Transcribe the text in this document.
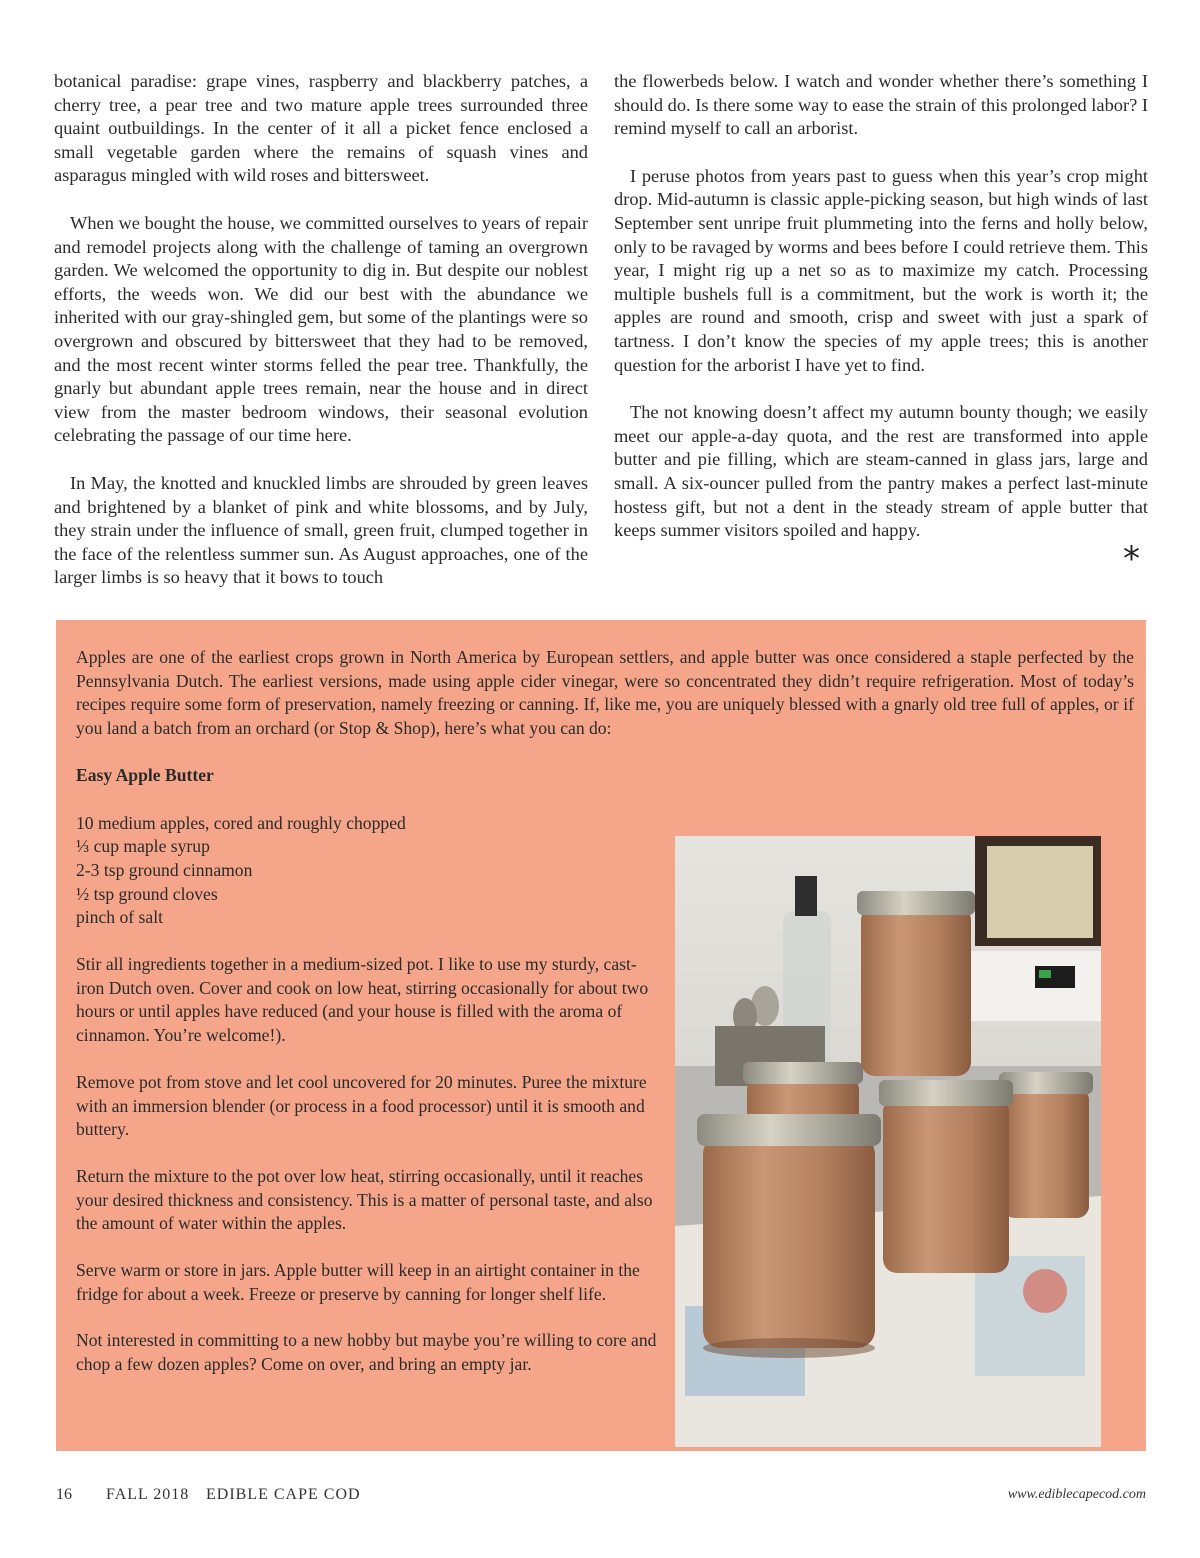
botanical paradise: grape vines, raspberry and blackberry patches, a cherry tree, a pear tree and two mature apple trees surrounded three quaint outbuildings. In the center of it all a picket fence enclosed a small vegetable garden where the remains of squash vines and asparagus mingled with wild roses and bittersweet.

When we bought the house, we committed ourselves to years of repair and remodel projects along with the challenge of taming an overgrown garden. We welcomed the opportunity to dig in. But despite our noblest efforts, the weeds won. We did our best with the abundance we inherited with our gray-shingled gem, but some of the plantings were so overgrown and obscured by bittersweet that they had to be removed, and the most recent winter storms felled the pear tree. Thankfully, the gnarly but abundant apple trees remain, near the house and in direct view from the master bedroom windows, their seasonal evolution celebrating the passage of our time here.

In May, the knotted and knuckled limbs are shrouded by green leaves and brightened by a blanket of pink and white blossoms, and by July, they strain under the influence of small, green fruit, clumped together in the face of the relentless summer sun. As August approaches, one of the larger limbs is so heavy that it bows to touch

the flowerbeds below. I watch and wonder whether there’s something I should do. Is there some way to ease the strain of this prolonged labor? I remind myself to call an arborist.

I peruse photos from years past to guess when this year’s crop might drop. Mid-autumn is classic apple-picking season, but high winds of last September sent unripe fruit plummeting into the ferns and holly below, only to be ravaged by worms and bees before I could retrieve them. This year, I might rig up a net so as to maximize my catch. Processing multiple bushels full is a commitment, but the work is worth it; the apples are round and smooth, crisp and sweet with just a spark of tartness. I don’t know the species of my apple trees; this is another question for the arborist I have yet to find.

The not knowing doesn’t affect my autumn bounty though; we easily meet our apple-a-day quota, and the rest are transformed into apple butter and pie filling, which are steam-canned in glass jars, large and small. A six-ouncer pulled from the pantry makes a perfect last-minute hostess gift, but not a dent in the steady stream of apple butter that keeps summer visitors spoiled and happy.

*

Apples are one of the earliest crops grown in North America by European settlers, and apple butter was once considered a staple perfected by the Pennsylvania Dutch. The earliest versions, made using apple cider vinegar, were so concentrated they didn’t require refrigeration. Most of today’s recipes require some form of preservation, namely freezing or canning. If, like me, you are uniquely blessed with a gnarly old tree full of apples, or if you land a batch from an orchard (or Stop & Shop), here’s what you can do:

Easy Apple Butter

10 medium apples, cored and roughly chopped

⅓ cup maple syrup

2-3 tsp ground cinnamon

½ tsp ground cloves

pinch of salt

Stir all ingredients together in a medium-sized pot. I like to use my sturdy, cast-iron Dutch oven. Cover and cook on low heat, stirring occasionally for about two hours or until apples have reduced (and your house is filled with the aroma of cinnamon. You’re welcome!).

Remove pot from stove and let cool uncovered for 20 minutes. Puree the mixture with an immersion blender (or process in a food processor) until it is smooth and buttery.

Return the mixture to the pot over low heat, stirring occasionally, until it reaches your desired thickness and consistency. This is a matter of personal taste, and also the amount of water within the apples.

Serve warm or store in jars. Apple butter will keep in an airtight container in the fridge for about a week. Freeze or preserve by canning for longer shelf life.

Not interested in committing to a new hobby but maybe you’re willing to core and chop a few dozen apples? Come on over, and bring an empty jar.

16 FALL 2018 EDIBLE CAPE COD	www.ediblecapecod.com
